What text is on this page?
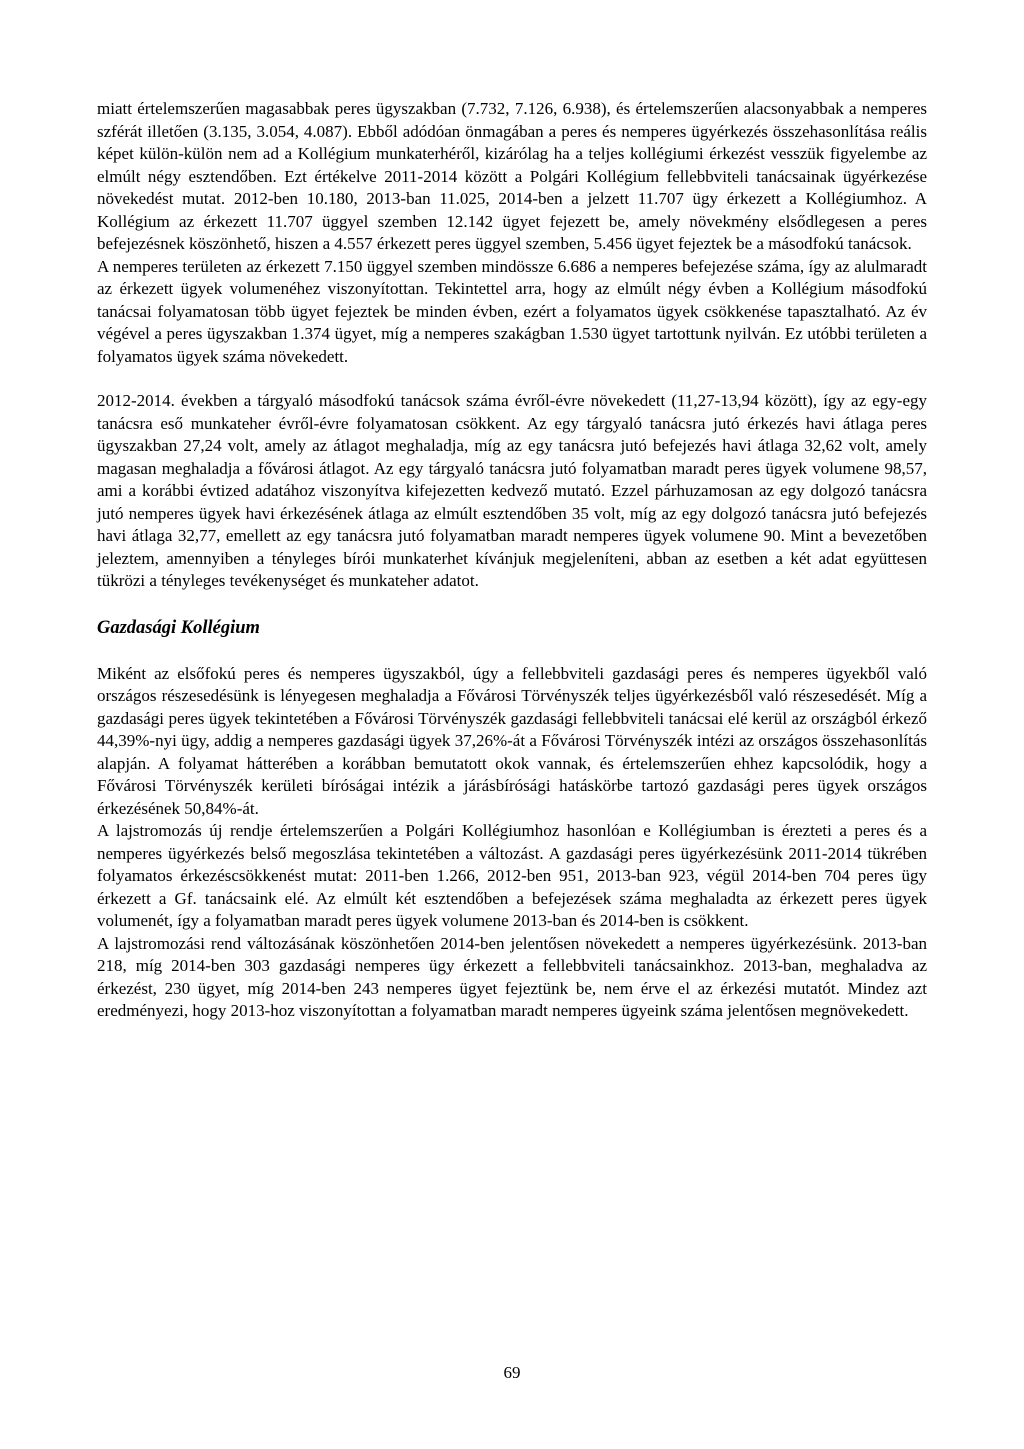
miatt értelemszerűen magasabbak peres ügyszakban (7.732, 7.126, 6.938), és értelemszerűen alacsonyabbak a nemperes szférát illetően (3.135, 3.054, 4.087). Ebből adódóan önmagában a peres és nemperes ügyérkezés összehasonlítása reális képet külön-külön nem ad a Kollégium munkaterhéről, kizárólag ha a teljes kollégiumi érkezést vesszük figyelembe az elmúlt négy esztendőben. Ezt értékelve 2011-2014 között a Polgári Kollégium fellebbviteli tanácsainak ügyérkezése növekedést mutat. 2012-ben 10.180, 2013-ban 11.025, 2014-ben a jelzett 11.707 ügy érkezett a Kollégiumhoz. A Kollégium az érkezett 11.707 üggyel szemben 12.142 ügyet fejezett be, amely növekmény elsődlegesen a peres befejezésnek köszönhető, hiszen a 4.557 érkezett peres üggyel szemben, 5.456 ügyet fejeztek be a másodfokú tanácsok.

A nemperes területen az érkezett 7.150 üggyel szemben mindössze 6.686 a nemperes befejezése száma, így az alulmaradt az érkezett ügyek volumenéhez viszonyítottan. Tekintettel arra, hogy az elmúlt négy évben a Kollégium másodfokú tanácsai folyamatosan több ügyet fejeztek be minden évben, ezért a folyamatos ügyek csökkenése tapasztalható. Az év végével a peres ügyszakban 1.374 ügyet, míg a nemperes szakágban 1.530 ügyet tartottunk nyilván. Ez utóbbi területen a folyamatos ügyek száma növekedett.

2012-2014. években a tárgyaló másodfokú tanácsok száma évről-évre növekedett (11,27-13,94 között), így az egy-egy tanácsra eső munkateher évről-évre folyamatosan csökkent. Az egy tárgyaló tanácsra jutó érkezés havi átlaga peres ügyszakban 27,24 volt, amely az átlagot meghaladja, míg az egy tanácsra jutó befejezés havi átlaga 32,62 volt, amely magasan meghaladja a fővárosi átlagot. Az egy tárgyaló tanácsra jutó folyamatban maradt peres ügyek volumene 98,57, ami a korábbi évtized adatához viszonyítva kifejezetten kedvező mutató. Ezzel párhuzamosan az egy dolgozó tanácsra jutó nemperes ügyek havi érkezésének átlaga az elmúlt esztendőben 35 volt, míg az egy dolgozó tanácsra jutó befejezés havi átlaga 32,77, emellett az egy tanácsra jutó folyamatban maradt nemperes ügyek volumene 90. Mint a bevezetőben jeleztem, amennyiben a tényleges bírói munkaterhet kívánjuk megjeleníteni, abban az esetben a két adat együttesen tükrözi a tényleges tevékenységet és munkateher adatot.

Gazdasági Kollégium

Miként az elsőfokú peres és nemperes ügyszakból, úgy a fellebbviteli gazdasági peres és nemperes ügyekből való országos részesedésünk is lényegesen meghaladja a Fővárosi Törvényszék teljes ügyérkezésből való részesedését. Míg a gazdasági peres ügyek tekintetében a Fővárosi Törvényszék gazdasági fellebbviteli tanácsai elé kerül az országból érkező 44,39%-nyi ügy, addig a nemperes gazdasági ügyek 37,26%-át a Fővárosi Törvényszék intézi az országos összehasonlítás alapján. A folyamat hátterében a korábban bemutatott okok vannak, és értelemszerűen ehhez kapcsolódik, hogy a Fővárosi Törvényszék kerületi bíróságai intézik a járásbírósági hatáskörbe tartozó gazdasági peres ügyek országos érkezésének 50,84%-át.

A lajstromozás új rendje értelemszerűen a Polgári Kollégiumhoz hasonlóan e Kollégiumban is érezteti a peres és a nemperes ügyérkezés belső megoszlása tekintetében a változást. A gazdasági peres ügyérkezésünk 2011-2014 tükrében folyamatos érkezéscsökkenést mutat: 2011-ben 1.266, 2012-ben 951, 2013-ban 923, végül 2014-ben 704 peres ügy érkezett a Gf. tanácsaink elé. Az elmúlt két esztendőben a befejezések száma meghaladta az érkezett peres ügyek volumenét, így a folyamatban maradt peres ügyek volumene 2013-ban és 2014-ben is csökkent.

A lajstromozási rend változásának köszönhetően 2014-ben jelentősen növekedett a nemperes ügyérkezésünk. 2013-ban 218, míg 2014-ben 303 gazdasági nemperes ügy érkezett a fellebbviteli tanácsainkhoz. 2013-ban, meghaladva az érkezést, 230 ügyet, míg 2014-ben 243 nemperes ügyet fejeztünk be, nem érve el az érkezési mutatót. Mindez azt eredményezi, hogy 2013-hoz viszonyítottan a folyamatban maradt nemperes ügyeink száma jelentősen megnövekedett.

69
